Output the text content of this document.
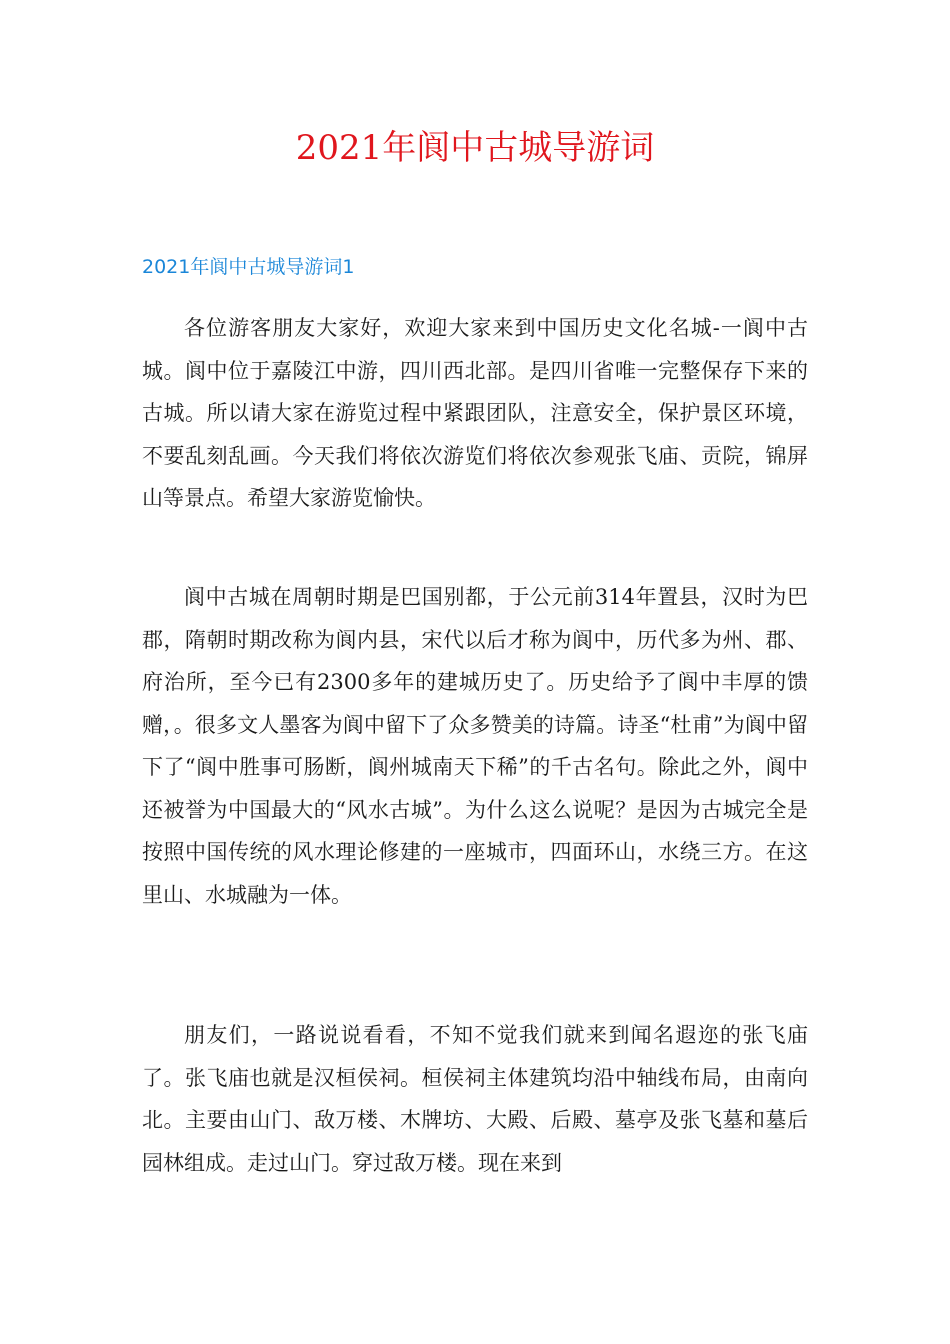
2021年阆中古城导游词
2021年阆中古城导游词1

各位游客朋友大家好，欢迎大家来到中国历史文化名城-一阆中古城。阆中位于嘉陵江中游，四川西北部。是四川省唯一完整保存下来的古城。所以请大家在游览过程中紧跟团队，注意安全，保护景区环境，不要乱刻乱画。今天我们将依次游览们将依次参观张飞庙、贡院，锦屏山等景点。希望大家游览愉快。

阆中古城在周朝时期是巴国别都，于公元前314年置县，汉时为巴郡，隋朝时期改称为阆内县，宋代以后才称为阆中，历代多为州、郡、府治所，至今已有2300多年的建城历史了。历史给予了阆中丰厚的馈赠，。很多文人墨客为阆中留下了众多赞美的诗篇。诗圣“杜甫”为阆中留下了“阆中胜事可肠断，阆州城南天下稀”的千古名句。除此之外，阆中还被誉为中国最大的“风水古城”。为什么这么说呢？是因为古城完全是按照中国传统的风水理论修建的一座城市，四面环山，水绕三方。在这里山、水城融为一体。

朋友们，一路说说看看，不知不觉我们就来到闻名遐迩的张飞庙了。张飞庙也就是汉桓侯祠。桓侯祠主体建筑均沿中轴线布局，由南向北。主要由山门、敌万楼、木牌坊、大殿、后殿、墓亭及张飞墓和墓后园林组成。走过山门。穿过敌万楼。现在来到
